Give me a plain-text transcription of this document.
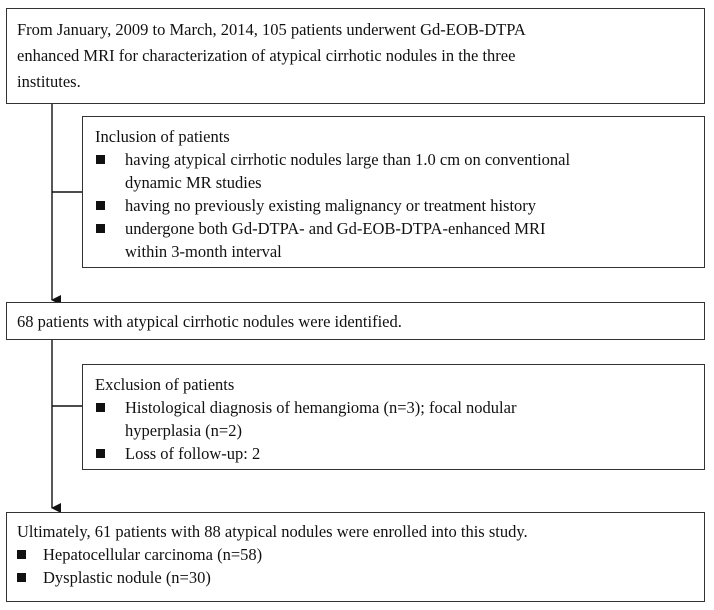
From January, 2009 to March, 2014, 105 patients underwent Gd-EOB-DTPA
enhanced MRI for characterization of atypical cirrhotic nodules in the three
institutes.
Inclusion of patients
having atypical cirrhotic nodules large than 1.0 cm on conventional
dynamic MR studies
having no previously existing malignancy or treatment history
undergone both Gd-DTPA- and Gd-EOB-DTPA-enhanced MRI
within 3-month interval
68 patients with atypical cirrhotic nodules were identified.
Exclusion of patients
Histological diagnosis of hemangioma (n=3); focal nodular
hyperplasia (n=2)
Loss of follow-up: 2
Ultimately, 61 patients with 88 atypical nodules were enrolled into this study.
Hepatocellular carcinoma (n=58)
Dysplastic nodule (n=30)
